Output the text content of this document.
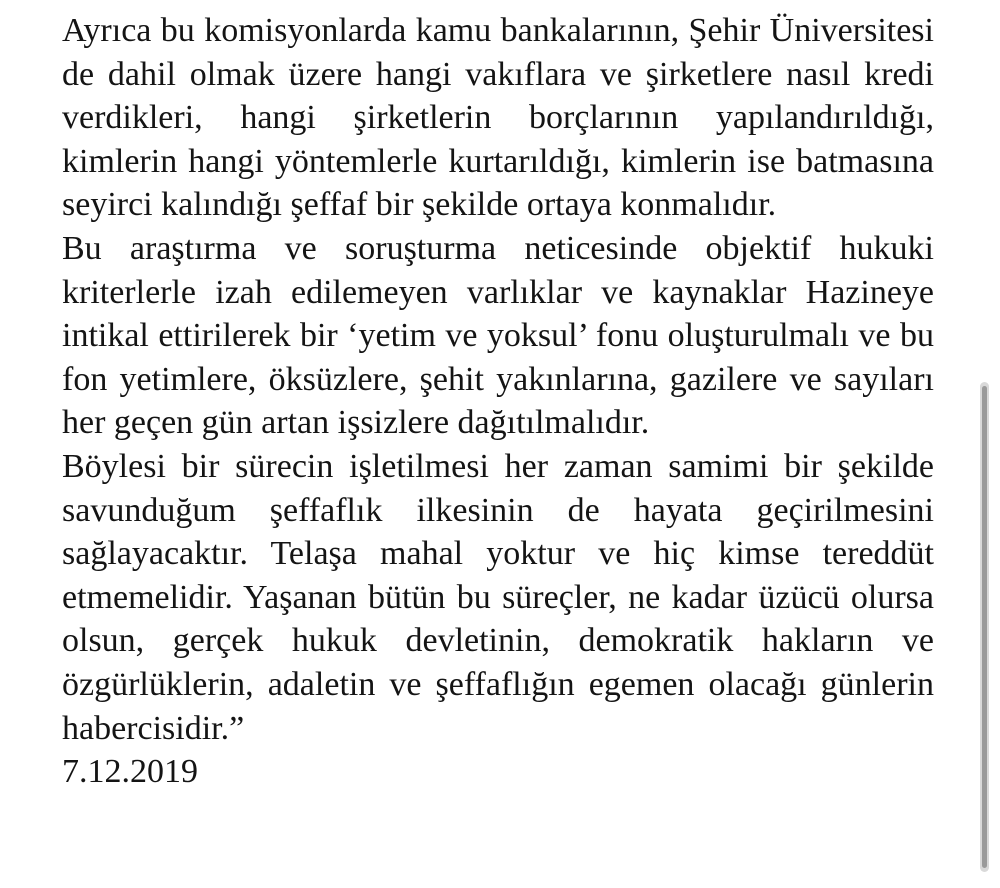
Ayrıca bu komisyonlarda kamu bankalarının, Şehir Üniversitesi de dahil olmak üzere hangi vakıflara ve şirketlere nasıl kredi verdikleri, hangi şirketlerin borçlarının yapılandırıldığı, kimlerin hangi yöntemlerle kurtarıldığı, kimlerin ise batmasına seyirci kalındığı şeffaf bir şekilde ortaya konmalıdır.

Bu araştırma ve soruşturma neticesinde objektif hukuki kriterlerle izah edilemeyen varlıklar ve kaynaklar Hazineye intikal ettirilerek bir ‘yetim ve yoksul’ fonu oluşturulmalı ve bu fon yetimlere, öksüzlere, şehit yakınlarına, gazilere ve sayıları her geçen gün artan işsizlere dağıtılmalıdır.

Böylesi bir sürecin işletilmesi her zaman samimi bir şekilde savunduğum şeffaflık ilkesinin de hayata geçirilmesini sağlayacaktır. Telaşa mahal yoktur ve hiç kimse tereddüt etmemelidir. Yaşanan bütün bu süreçler, ne kadar üzücü olursa olsun, gerçek hukuk devletinin, demokratik hakların ve özgürlüklerin, adaletin ve şeffaflığın egemen olacağı günlerin habercisidir.”

7.12.2019
